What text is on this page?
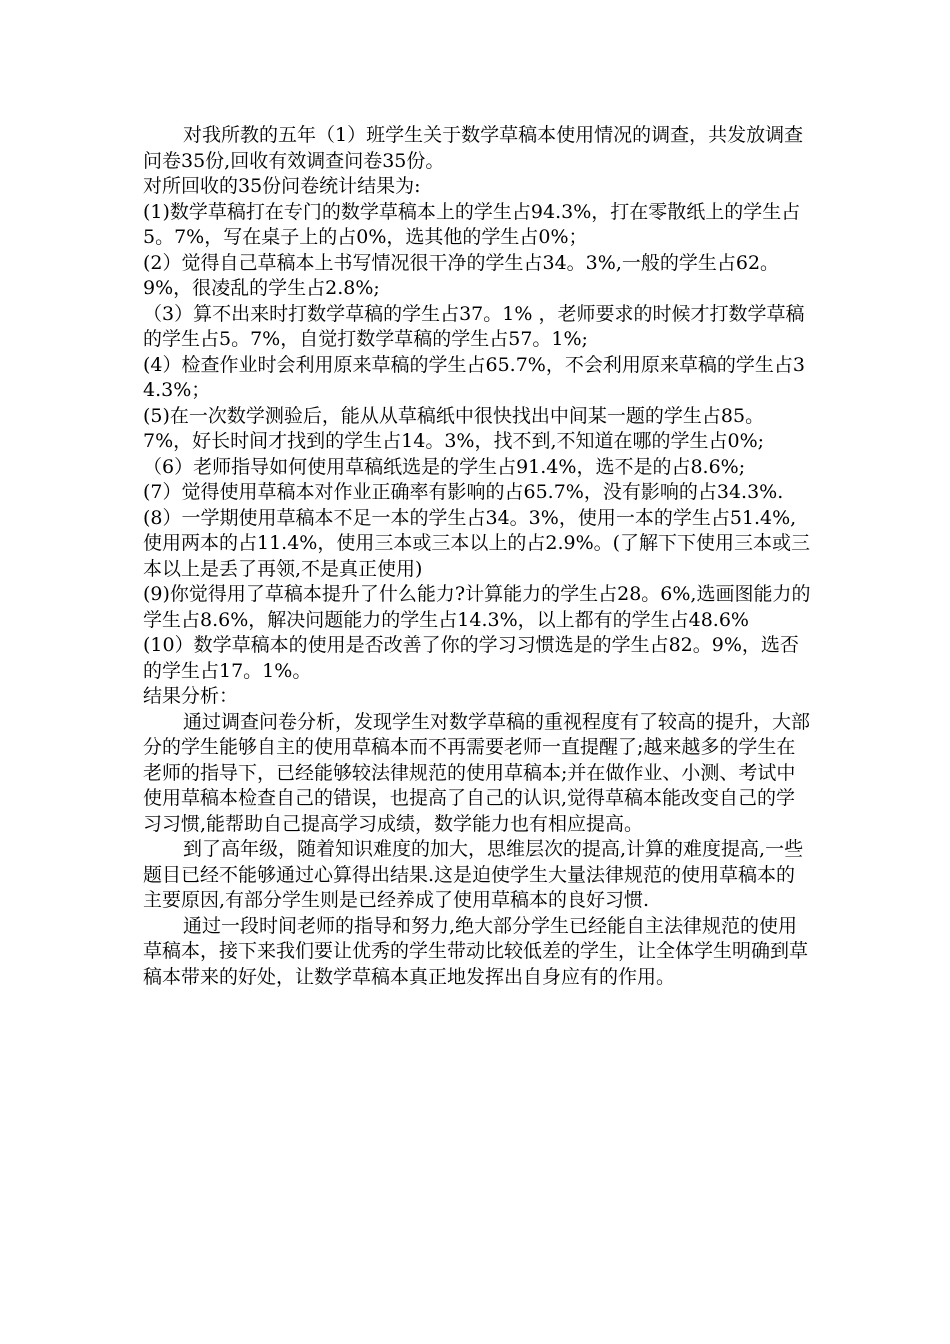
对我所教的五年（1）班学生关于数学草稿本使用情况的调查，共发放调查问卷35份,回收有效调查问卷35份。

对所回收的35份问卷统计结果为:

(1)数学草稿打在专门的数学草稿本上的学生占94.3%，打在零散纸上的学生占5。7%，写在桌子上的占0%，选其他的学生占0%；

(2）觉得自己草稿本上书写情况很干净的学生占34。3%,一般的学生占62。9%，很凌乱的学生占2.8%;

（3）算不出来时打数学草稿的学生占37。1% ，老师要求的时候才打数学草稿的学生占5。7%，自觉打数学草稿的学生占57。1%;

(4）检查作业时会利用原来草稿的学生占65.7%，不会利用原来草稿的学生占34.3%；

(5)在一次数学测验后，能从从草稿纸中很快找出中间某一题的学生占85。7%，好长时间才找到的学生占14。3%，找不到,不知道在哪的学生占0%;

（6）老师指导如何使用草稿纸选是的学生占91.4%，选不是的占8.6%;

(7）觉得使用草稿本对作业正确率有影响的占65.7%，没有影响的占34.3%.

(8）一学期使用草稿本不足一本的学生占34。3%，使用一本的学生占51.4%,使用两本的占11.4%，使用三本或三本以上的占2.9%。(了解下下使用三本或三本以上是丢了再领,不是真正使用)

(9)你觉得用了草稿本提升了什么能力?计算能力的学生占28。6%,选画图能力的学生占8.6%，解决问题能力的学生占14.3%，以上都有的学生占48.6%

(10）数学草稿本的使用是否改善了你的学习习惯选是的学生占82。9%，选否的学生占17。1%。

结果分析：

通过调查问卷分析，发现学生对数学草稿的重视程度有了较高的提升，大部分的学生能够自主的使用草稿本而不再需要老师一直提醒了;越来越多的学生在老师的指导下，已经能够较法律规范的使用草稿本;并在做作业、小测、考试中使用草稿本检查自己的错误，也提高了自己的认识,觉得草稿本能改变自己的学习习惯,能帮助自己提高学习成绩，数学能力也有相应提高。

到了高年级，随着知识难度的加大，思维层次的提高,计算的难度提高,一些题目已经不能够通过心算得出结果.这是迫使学生大量法律规范的使用草稿本的主要原因,有部分学生则是已经养成了使用草稿本的良好习惯.

通过一段时间老师的指导和努力,绝大部分学生已经能自主法律规范的使用草稿本，接下来我们要让优秀的学生带动比较低差的学生，让全体学生明确到草稿本带来的好处，让数学草稿本真正地发挥出自身应有的作用。
